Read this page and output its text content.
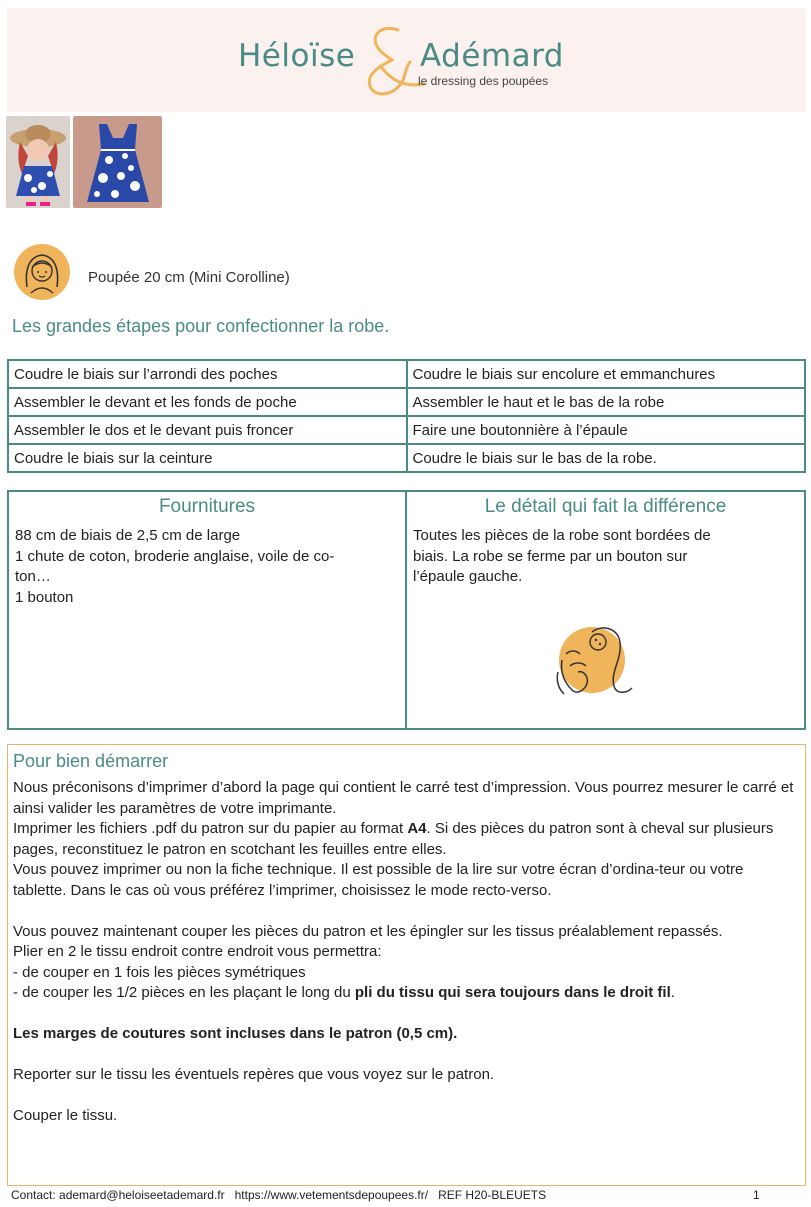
Héloïse Adémard
le dressing des poupées
Poupée 20 cm (Mini Corolline)
Les grandes étapes pour confectionner la robe.
Coudre le biais sur l’arrondi des poches	Coudre le biais sur encolure et emmanchures
Assembler le devant et les fonds de poche	Assembler le haut et le bas de la robe
Assembler le dos et le devant puis froncer	Faire une boutonnière à l’épaule
Coudre le biais sur la ceinture	Coudre le biais sur le bas de la robe.
Fournitures

88 cm de biais de 2,5 cm de large
1 chute de coton, broderie anglaise, voile de co-
ton…
1 bouton

Le détail qui fait la différence

Toutes les pièces de la robe sont bordées de
biais. La robe se ferme par un bouton sur
l’épaule gauche.

Pour bien démarrer
Nous préconisons d’imprimer d’abord la page qui contient le carré test d’impression. Vous pourrez mesurer le carré et ainsi valider les paramètres de votre imprimante.
Imprimer les fichiers .pdf du patron sur du papier au format A4. Si des pièces du patron sont à cheval sur plusieurs pages, reconstituez le patron en scotchant les feuilles entre elles.
Vous pouvez imprimer ou non la fiche technique. Il est possible de la lire sur votre écran d’ordina-teur ou votre tablette. Dans le cas où vous préférez l’imprimer, choisissez le mode recto-verso.
Vous pouvez maintenant couper les pièces du patron et les épingler sur les tissus préalablement repassés.
Plier en 2 le tissu endroit contre endroit vous permettra:
- de couper en 1 fois les pièces symétriques
- de couper les 1/2 pièces en les plaçant le long du pli du tissu qui sera toujours dans le droit fil.
Les marges de coutures sont incluses dans le patron (0,5 cm).
Reporter sur le tissu les éventuels repères que vous voyez sur le patron.
Couper le tissu.
Contact: ademard@heloiseetademard.fr   https://www.vetementsdepoupees.fr/   REF H20-BLEUETS	1
